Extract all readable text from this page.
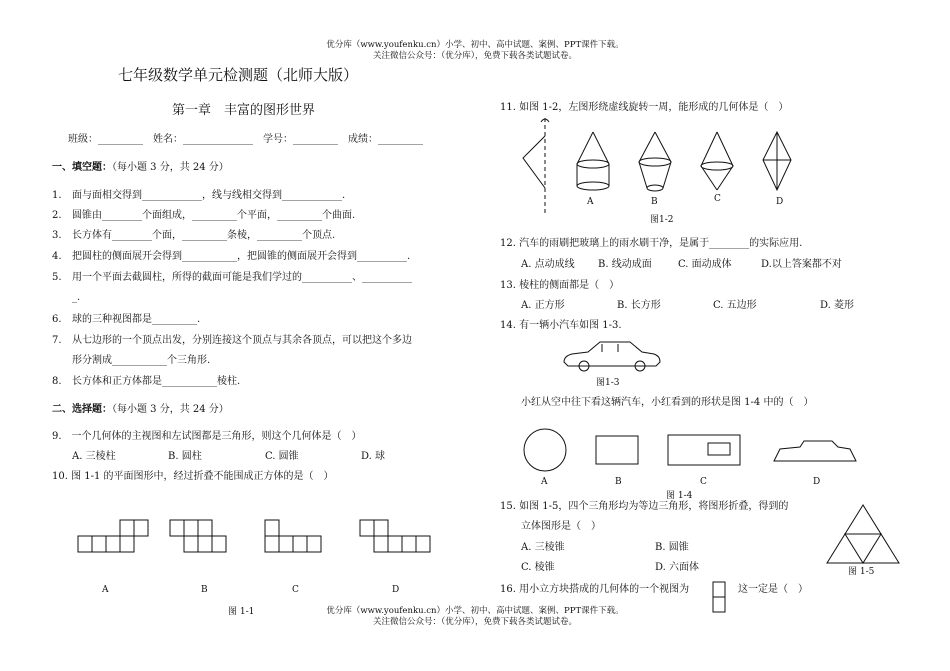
优分库（www.youfenku.cn）小学、初中、高中试题、案例、PPT课件下载。
关注微信公众号：（优分库），免费下载各类试题试卷。
七年级数学单元检测题（北师大版）
第一章　丰富的图形世界
班级：_________　姓名：______________　学号：_________　成绩：_________
一、填空题：（每小题 3 分，共 24 分）
1. 面与面相交得到____________，线与线相交得到____________.
2. 圆锥由________个面组成，_________个平面，_________个曲面.
3. 长方体有________个面，_________条棱，_________个顶点.
4. 把圆柱的侧面展开会得到___________，把圆锥的侧面展开会得到__________.
5. 用一个平面去截圆柱，所得的截面可能是我们学过的__________、__________
_.
6. 球的三种视图都是_________.
7. 从七边形的一个顶点出发，分别连接这个顶点与其余各顶点，可以把这个多边
形分割成___________个三角形.
8. 长方体和正方体都是___________棱柱.
二、选择题：（每小题 3 分，共 24 分）
9.　一个几何体的主视图和左试图都是三角形，则这个几何体是（　）
A. 三棱柱	B. 圆柱	C. 圆锥	D. 球
10. 图 1-1 的平面图形中，经过折叠不能围成正方体的是（　）
A	B	C	D
图 1-1
11. 如图 1-2，左图形绕虚线旋转一周，能形成的几何体是（　）
A	B	C	D
图1-2
12. 汽车的雨刷把玻璃上的雨水刷干净，是属于________的实际应用.
A. 点动成线 B. 线动成面	C. 面动成体	D.以上答案都不对
13. 棱柱的侧面都是（　）
A. 正方形	B. 长方形	C. 五边形	D. 菱形
14. 有一辆小汽车如图 1-3.
图1-3
小红从空中往下看这辆汽车，小红看到的形状是图 1-4 中的（　）
A	B	C	D
图 1-4
15. 如图 1-5，四个三角形均为等边三角形，将图形折叠，得到的
立体图形是（　）
A. 三棱锥	B. 圆锥
C. 棱锥	D. 六面体	图 1-5
16. 用小立方块搭成的几何体的一个视图为	这一定是（　）
优分库（www.youfenku.cn）小学、初中、高中试题、案例、PPT课件下载。
关注微信公众号：（优分库），免费下载各类试题试卷。
